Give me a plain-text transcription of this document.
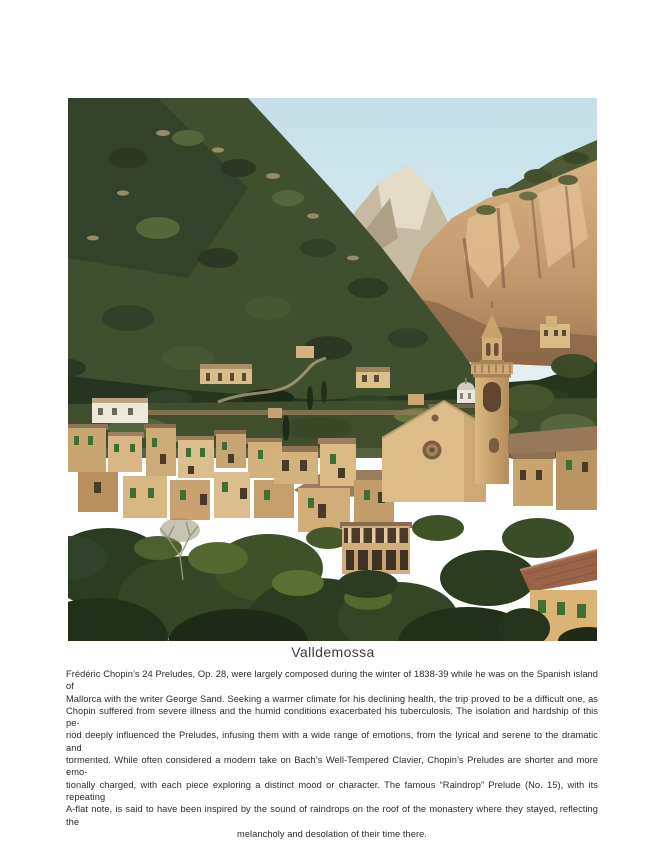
Valldemossa
Frédéric Chopin’s 24 Preludes, Op. 28, were largely composed during the winter of 1838-39 while he was on the Spanish island of
Mallorca with the writer George Sand. Seeking a warmer climate for his declining health, the trip proved to be a difficult one, as
Chopin suffered from severe illness and the humid conditions exacerbated his tuberculosis. The isolation and hardship of this pe-
riod deeply influenced the Preludes, infusing them with a wide range of emotions, from the lyrical and serene to the dramatic and
tormented. While often considered a modern take on Bach’s Well-Tempered Clavier, Chopin’s Preludes are shorter and more emo-
tionally charged, with each piece exploring a distinct mood or character. The famous “Raindrop” Prelude (No. 15), with its repeating
A-flat note, is said to have been inspired by the sound of raindrops on the roof of the monastery where they stayed, reflecting the
melancholy and desolation of their time there.
